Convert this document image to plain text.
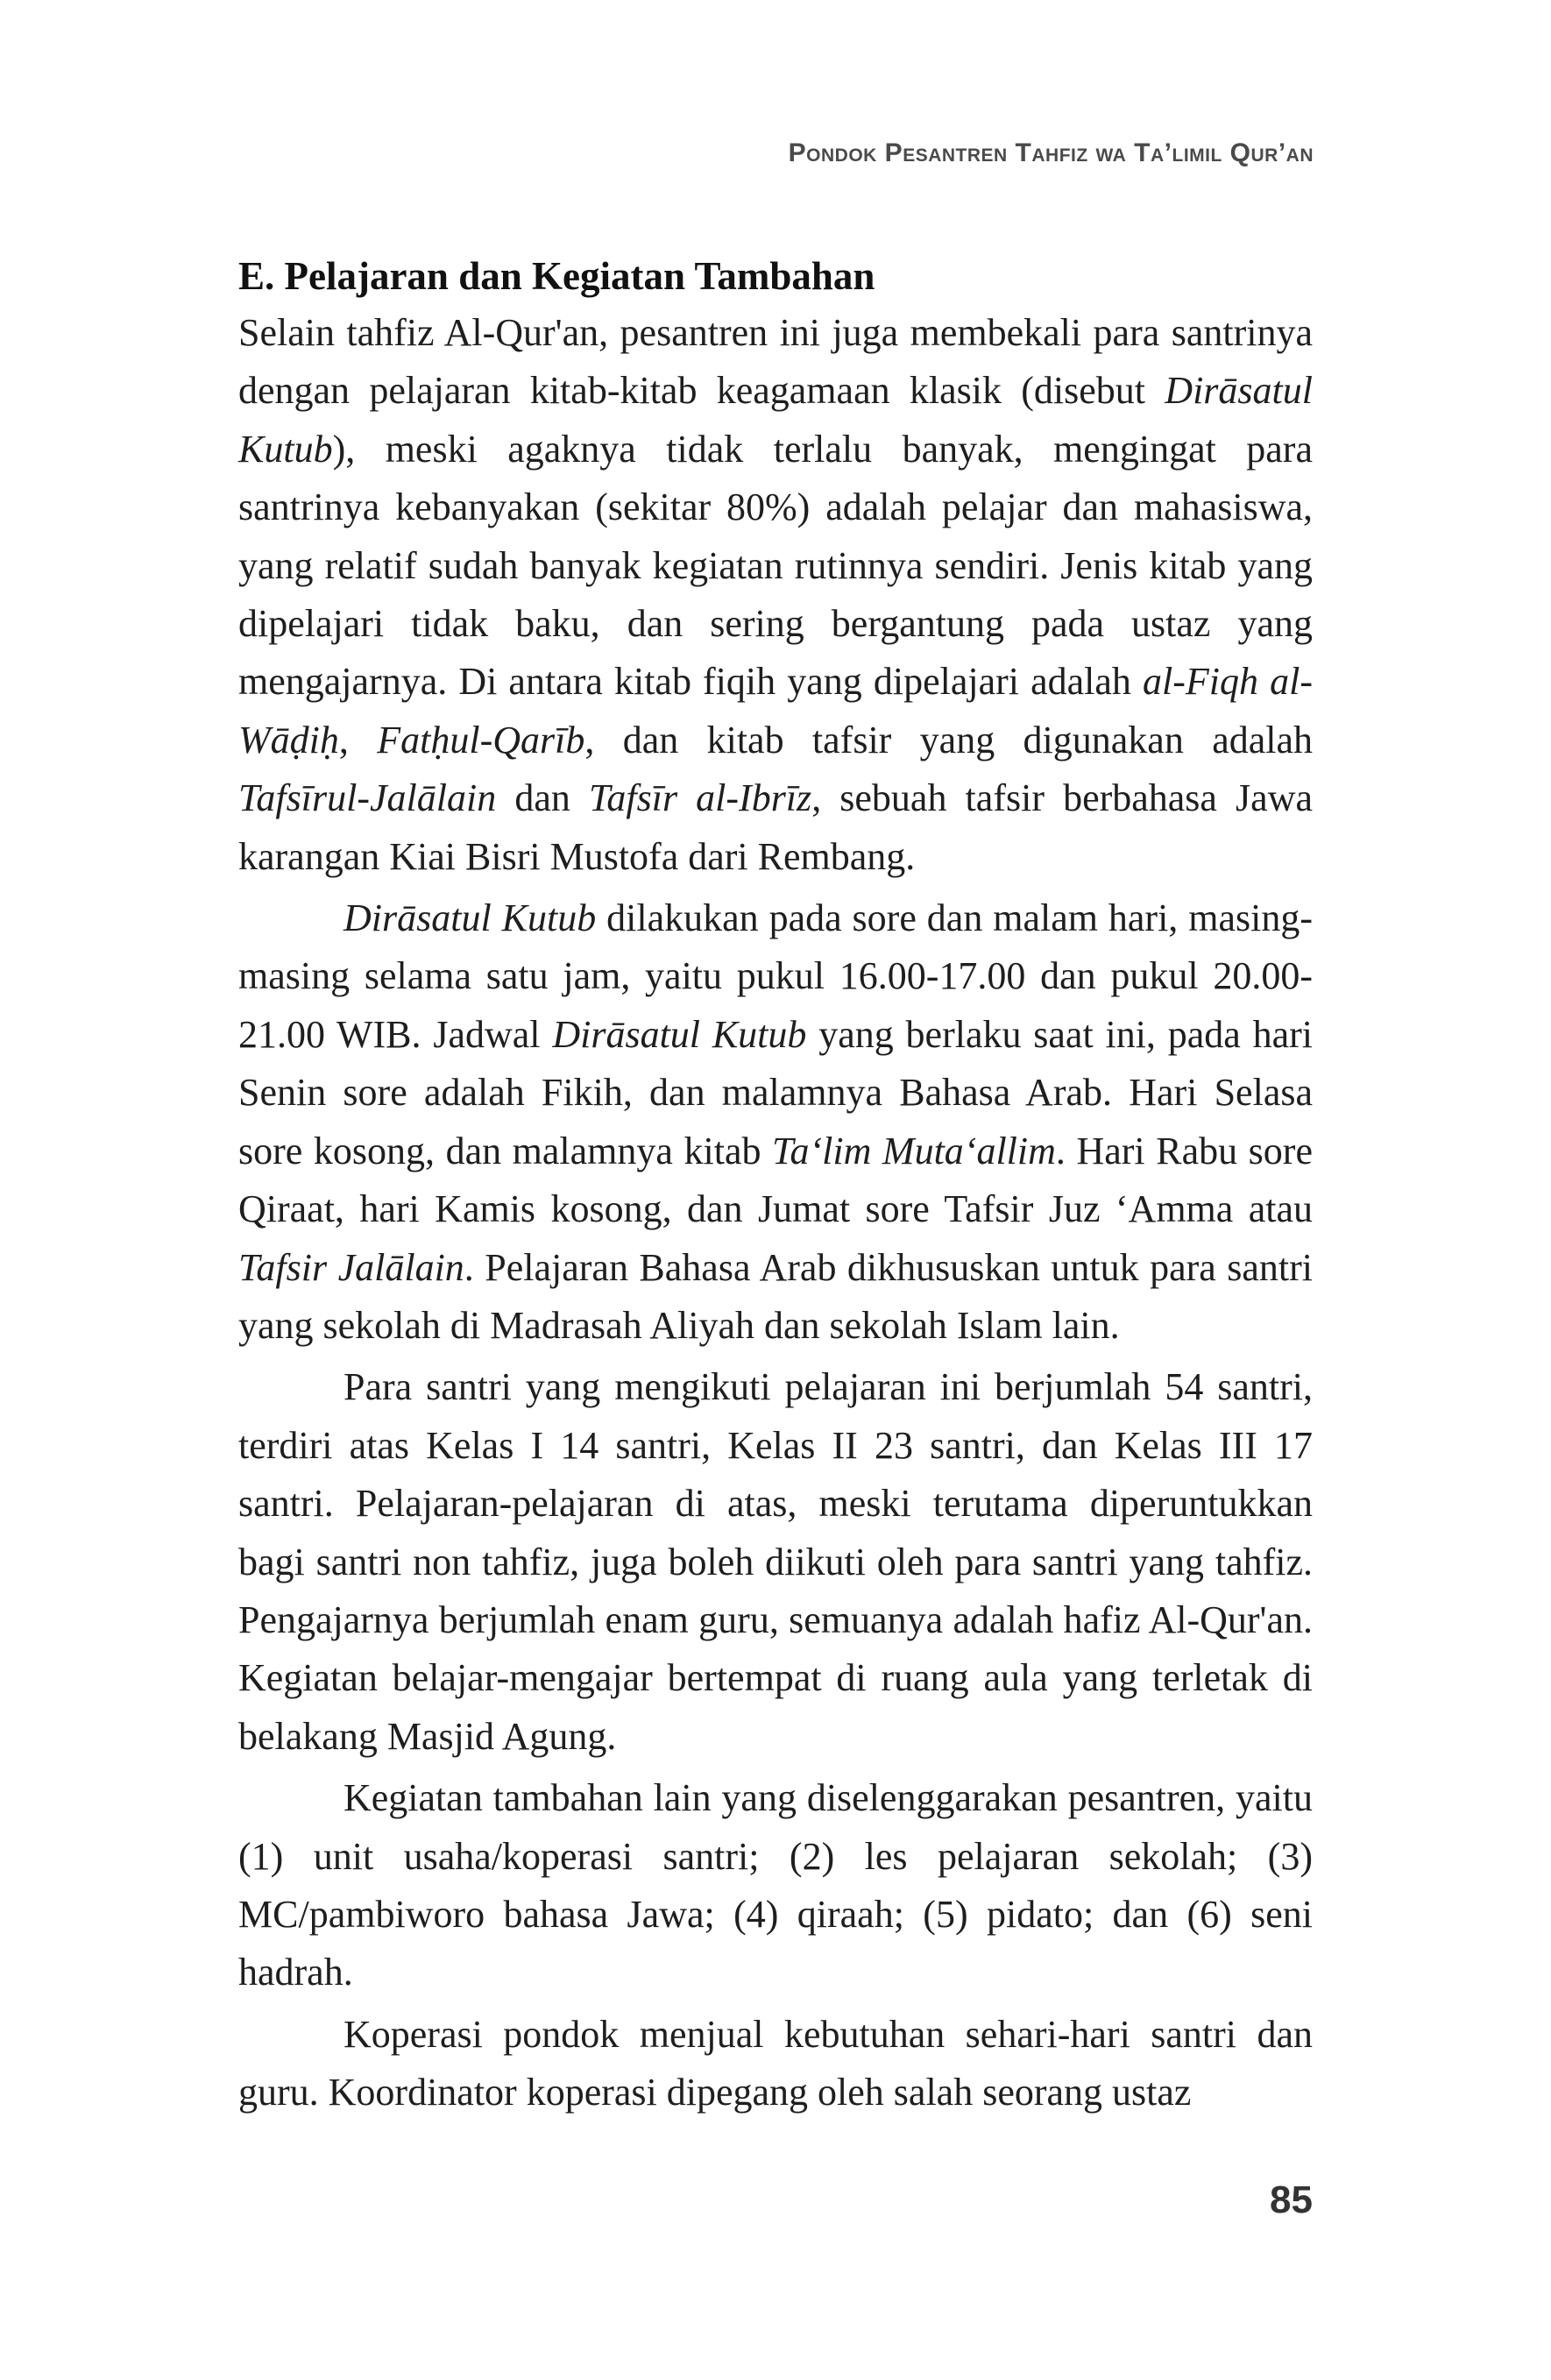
Pondok Pesantren Tahfiz wa Ta’limil Qur’an
E. Pelajaran dan Kegiatan Tambahan

Selain tahfiz Al-Qur'an, pesantren ini juga membekali para santrinya dengan pelajaran kitab-kitab keagamaan klasik (disebut Dirāsatul Kutub), meski agaknya tidak terlalu banyak, mengingat para santrinya kebanyakan (sekitar 80%) adalah pelajar dan mahasiswa, yang relatif sudah banyak kegiatan rutinnya sendiri. Jenis kitab yang dipelajari tidak baku, dan sering bergantung pada ustaz yang mengajarnya. Di antara kitab fiqih yang dipelajari adalah al-Fiqh al-Wāḍiḥ, Fatḥul-Qarīb, dan kitab tafsir yang digunakan adalah Tafsīrul-Jalālain dan Tafsīr al-Ibrīz, sebuah tafsir berbahasa Jawa karangan Kiai Bisri Mustofa dari Rembang.

Dirāsatul Kutub dilakukan pada sore dan malam hari, masing-masing selama satu jam, yaitu pukul 16.00-17.00 dan pukul 20.00-21.00 WIB. Jadwal Dirāsatul Kutub yang berlaku saat ini, pada hari Senin sore adalah Fikih, dan malamnya Bahasa Arab. Hari Selasa sore kosong, dan malamnya kitab Ta‘lim Muta‘allim. Hari Rabu sore Qiraat, hari Kamis kosong, dan Jumat sore Tafsir Juz ‘Amma atau Tafsir Jalālain. Pelajaran Bahasa Arab dikhususkan untuk para santri yang sekolah di Madrasah Aliyah dan sekolah Islam lain.

Para santri yang mengikuti pelajaran ini berjumlah 54 santri, terdiri atas Kelas I 14 santri, Kelas II 23 santri, dan Kelas III 17 santri. Pelajaran-pelajaran di atas, meski terutama diperuntukkan bagi santri non tahfiz, juga boleh diikuti oleh para santri yang tahfiz. Pengajarnya berjumlah enam guru, semuanya adalah hafiz Al-Qur'an. Kegiatan belajar-mengajar bertempat di ruang aula yang terletak di belakang Masjid Agung.

Kegiatan tambahan lain yang diselenggarakan pesantren, yaitu (1) unit usaha/koperasi santri; (2) les pelajaran sekolah; (3) MC/pambiworo bahasa Jawa; (4) qiraah; (5) pidato; dan (6) seni hadrah.

Koperasi pondok menjual kebutuhan sehari-hari santri dan guru. Koordinator koperasi dipegang oleh salah seorang ustaz

85
